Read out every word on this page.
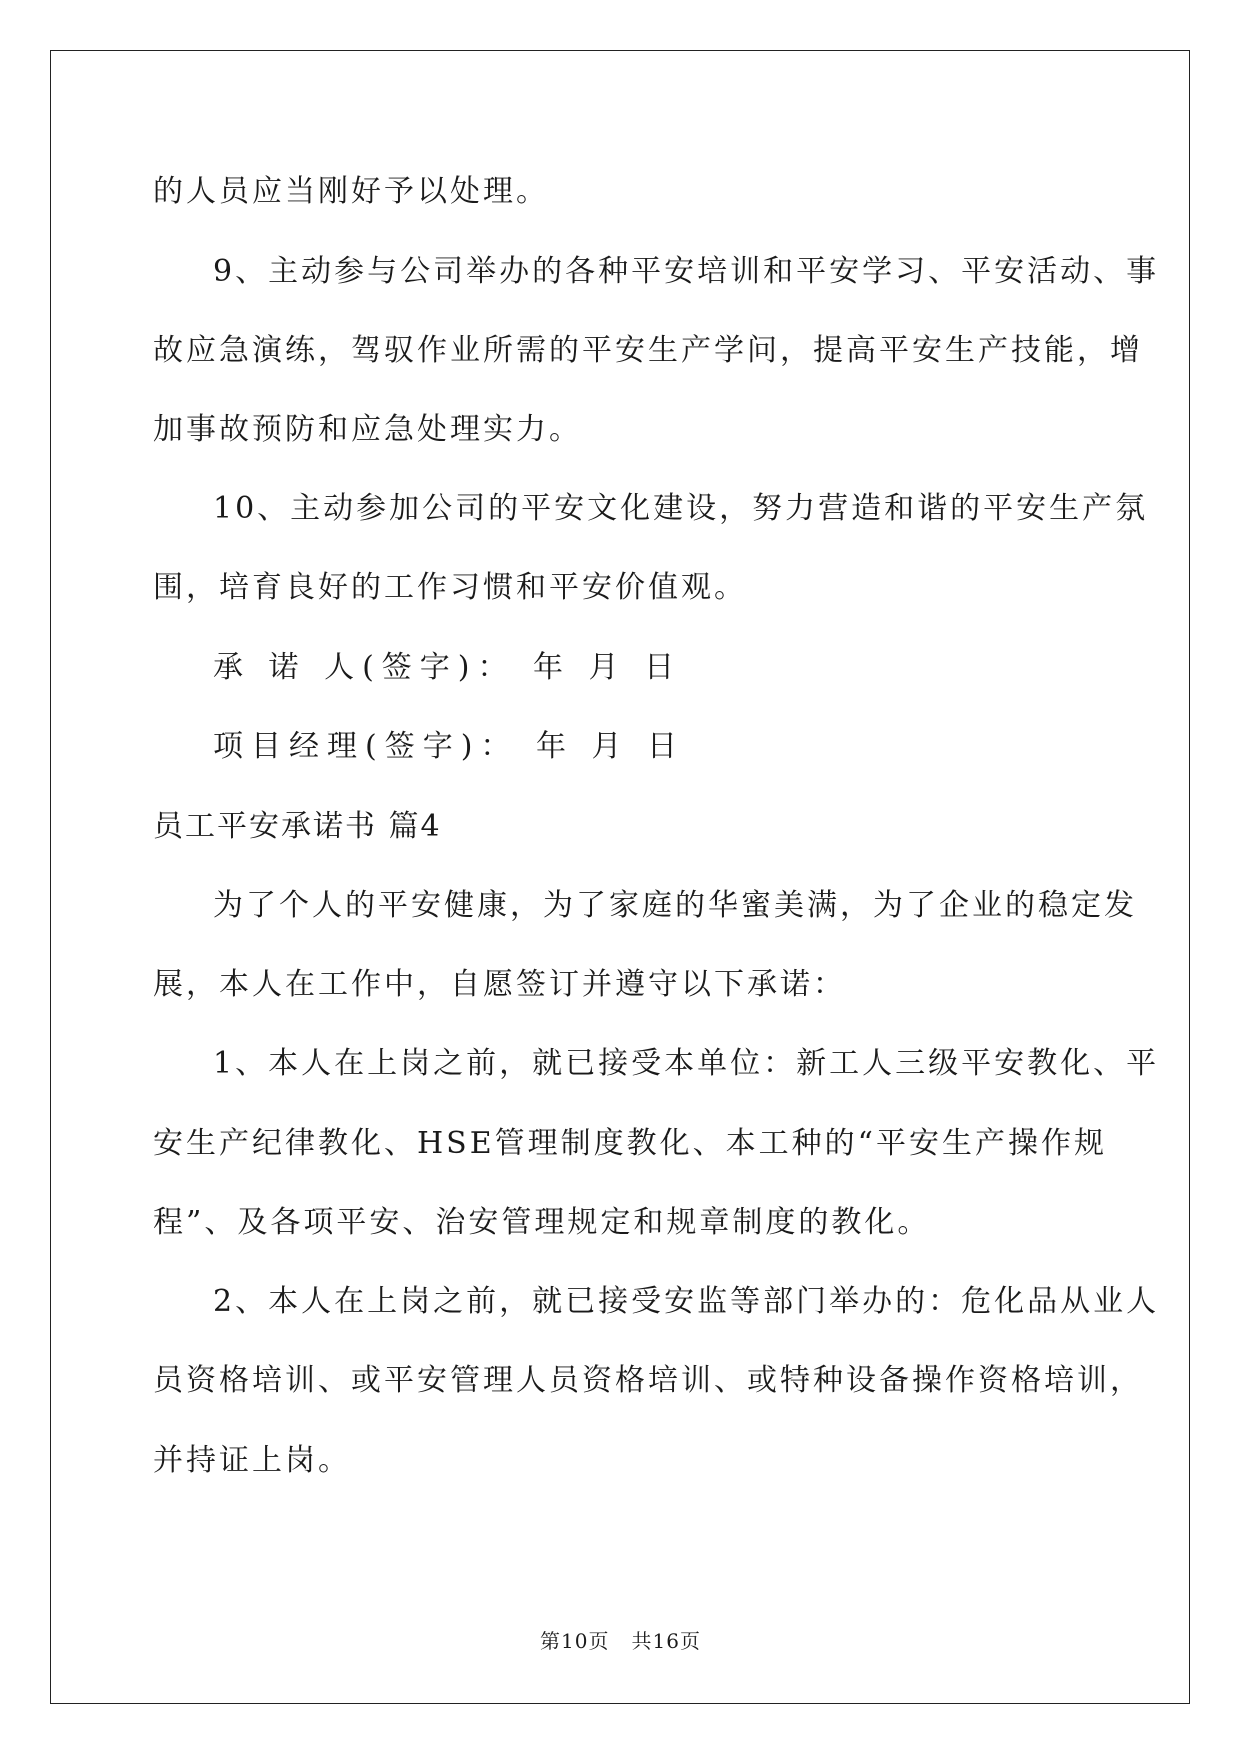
的人员应当刚好予以处理。
9、主动参与公司举办的各种平安培训和平安学习、平安活动、事
故应急演练，驾驭作业所需的平安生产学问，提高平安生产技能，增
加事故预防和应急处理实力。
10、主动参加公司的平安文化建设，努力营造和谐的平安生产氛
围，培育良好的工作习惯和平安价值观。
承 诺 人(签字)： 年 月 日
项目经理(签字)： 年 月 日
员工平安承诺书 篇4
为了个人的平安健康，为了家庭的华蜜美满，为了企业的稳定发
展，本人在工作中，自愿签订并遵守以下承诺：
1、本人在上岗之前，就已接受本单位：新工人三级平安教化、平
安生产纪律教化、HSE管理制度教化、本工种的“平安生产操作规
程”、及各项平安、治安管理规定和规章制度的教化。
2、本人在上岗之前，就已接受安监等部门举办的：危化品从业人
员资格培训、或平安管理人员资格培训、或特种设备操作资格培训，
并持证上岗。
第10页   共16页
